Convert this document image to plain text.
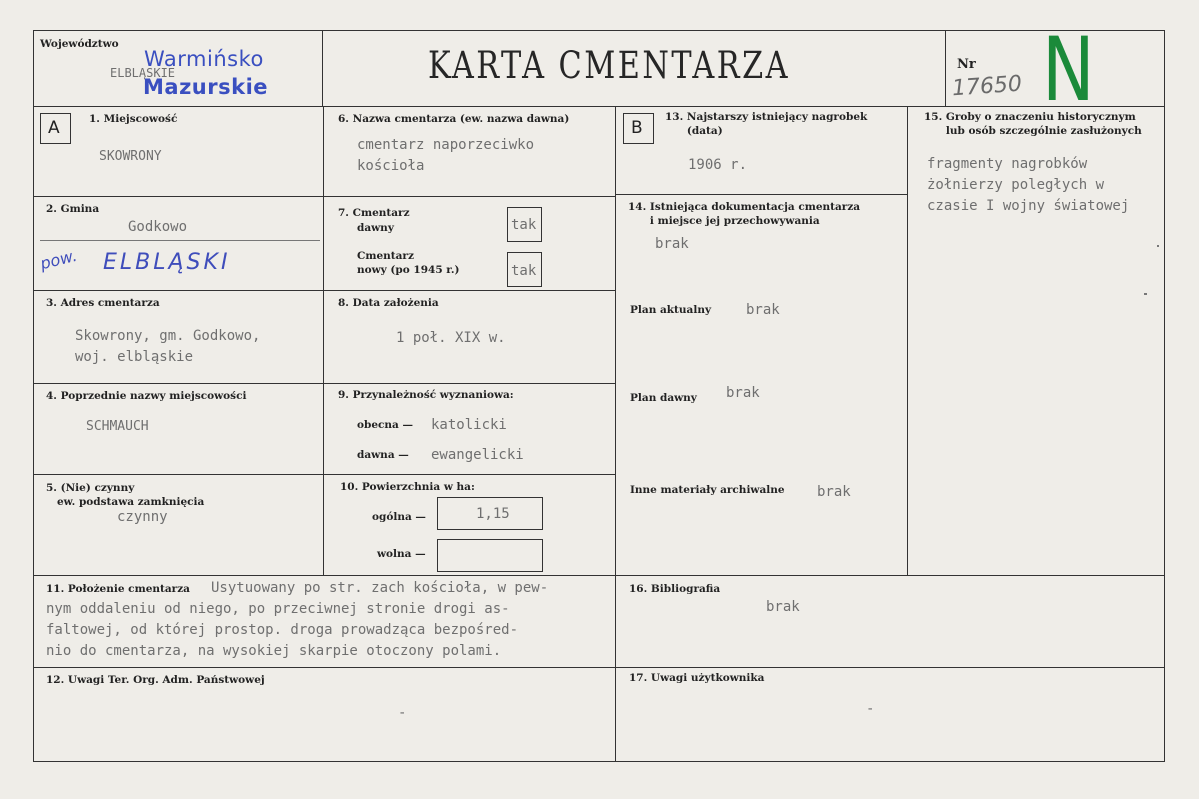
Województwo
ELBLĄSKIE
Warmińsko
Mazurskie	KARTA CMENTARZA	Nr
17650 N
A	1. Miejscowość
SKOWRONY
2. Gmina
Godkowo
pow. ELBLĄSKI
3. Adres cmentarza
Skowrony, gm. Godkowo,
woj. elbląskie
4. Poprzednie nazwy miejscowości
SCHMAUCH
5. (Nie) czynny
ew. podstawa zamknięcia
czynny
6. Nazwa cmentarza (ew. nazwa dawna)
cmentarz naporzeciwko
kościoła
7. Cmentarz
dawny	tak
Cmentarz
nowy (po 1945 r.)	tak
8. Data założenia
1 poł. XIX w.
9. Przynależność wyznaniowa:
obecna — katolicki
dawna — ewangelicki
10. Powierzchnia w ha:
ogólna —	1,15
wolna —
B
13. Najstarszy istniejący nagrobek
(data)
1906 r.
14. Istniejąca dokumentacja cmentarza
i miejsce jej przechowywania
brak
Plan aktualny brak
Plan dawny brak
Inne materiały archiwalne brak
15. Groby o znaczeniu historycznym
lub osób szczególnie zasłużonych
fragmenty nagrobków
żołnierzy poległych w
czasie I wojny światowej
11. Położenie cmentarza Usytuowany po str. zach kościoła, w pew-
nym oddaleniu od niego, po przeciwnej stronie drogi as-
faltowej, od której prostop. droga prowadząca bezpośred-
nio do cmentarza, na wysokiej skarpie otoczony polami.
16. Bibliografia
brak
12. Uwagi Ter. Org. Adm. Państwowej
-
17. Uwagi użytkownika
-
